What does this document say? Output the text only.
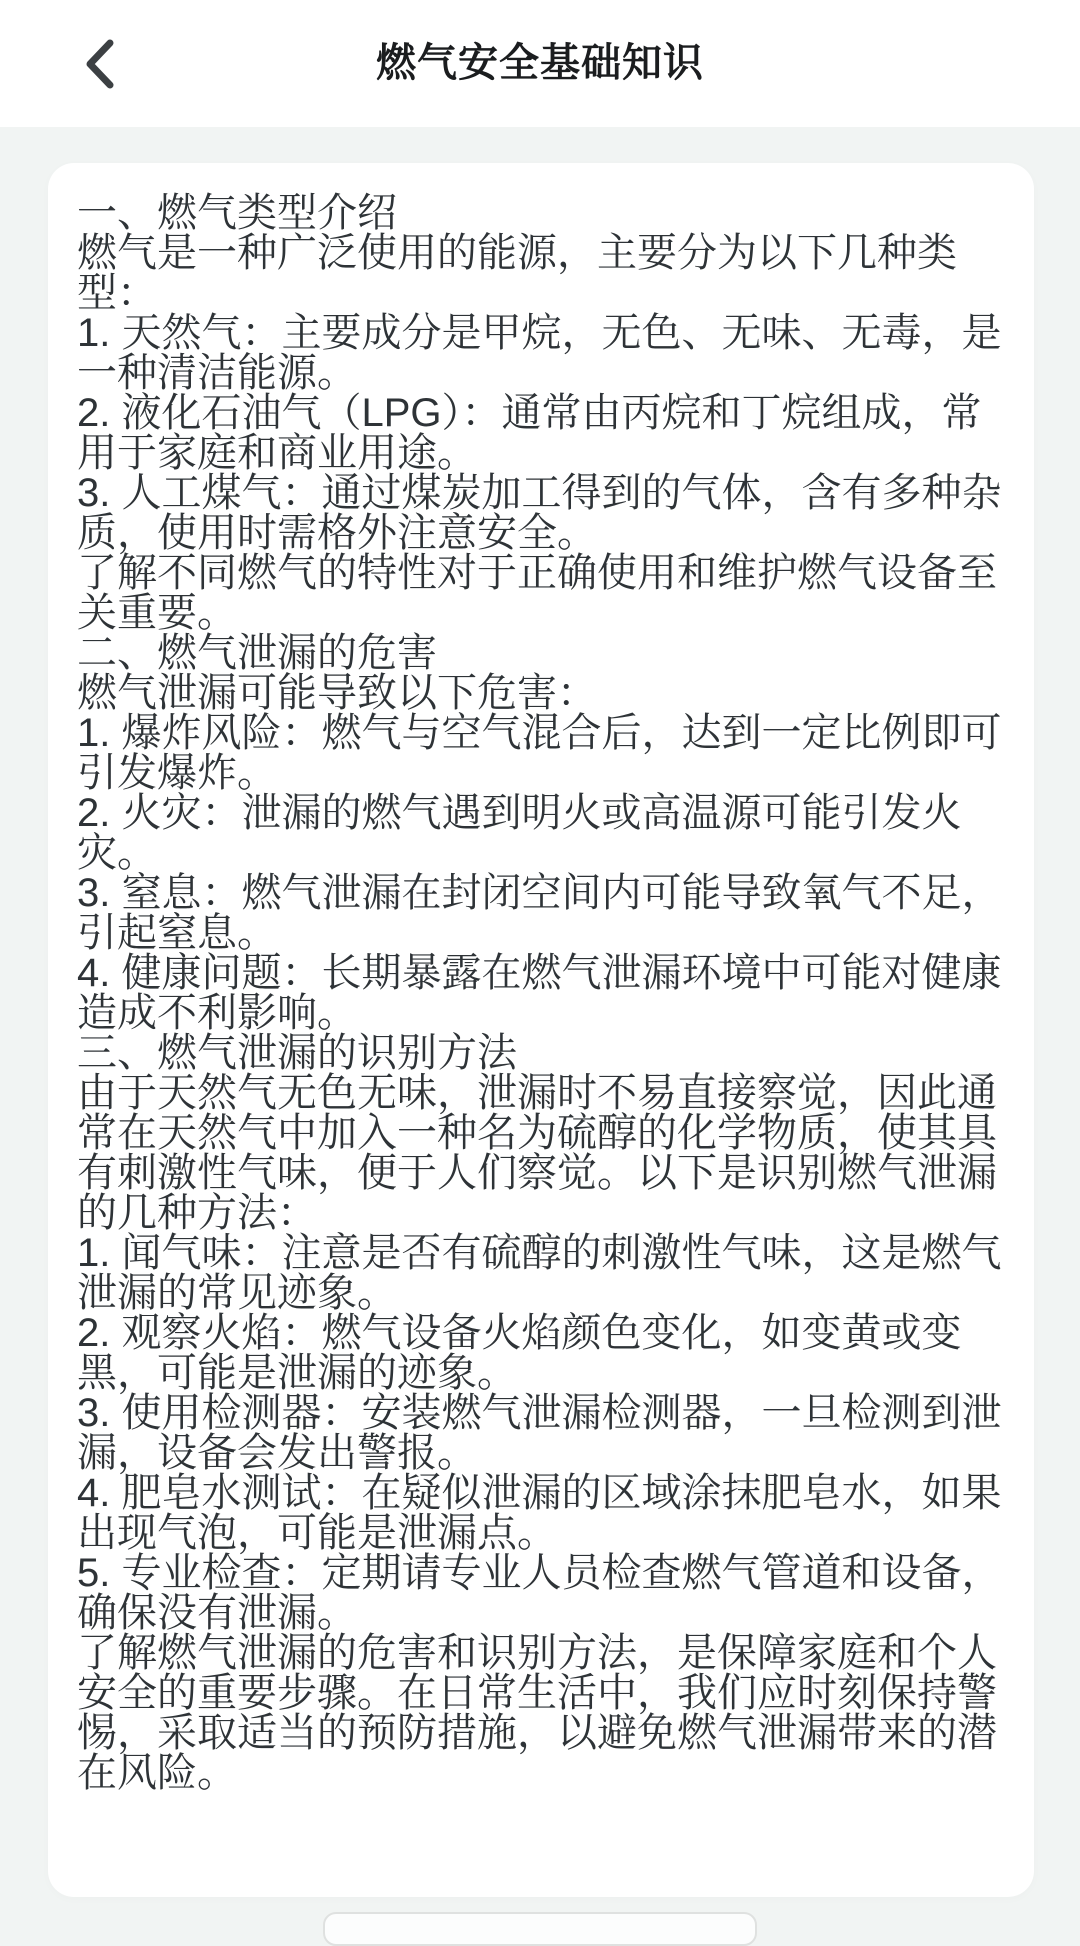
燃气安全基础知识

一、燃气类型介绍

燃气是一种广泛使用的能源，主要分为以下几种类型：

1. 天然气：主要成分是甲烷，无色、无味、无毒，是一种清洁能源。

2. 液化石油气（LPG）：通常由丙烷和丁烷组成，常用于家庭和商业用途。

3. 人工煤气：通过煤炭加工得到的气体，含有多种杂质，使用时需格外注意安全。

了解不同燃气的特性对于正确使用和维护燃气设备至关重要。

二、燃气泄漏的危害

燃气泄漏可能导致以下危害：

1. 爆炸风险：燃气与空气混合后，达到一定比例即可引发爆炸。

2. 火灾：泄漏的燃气遇到明火或高温源可能引发火灾。

3. 窒息：燃气泄漏在封闭空间内可能导致氧气不足，引起窒息。

4. 健康问题：长期暴露在燃气泄漏环境中可能对健康造成不利影响。

三、燃气泄漏的识别方法

由于天然气无色无味，泄漏时不易直接察觉，因此通常在天然气中加入一种名为硫醇的化学物质，使其具有刺激性气味，便于人们察觉。以下是识别燃气泄漏的几种方法：

1. 闻气味：注意是否有硫醇的刺激性气味，这是燃气泄漏的常见迹象。

2. 观察火焰：燃气设备火焰颜色变化，如变黄或变黑，可能是泄漏的迹象。

3. 使用检测器：安装燃气泄漏检测器，一旦检测到泄漏，设备会发出警报。

4. 肥皂水测试：在疑似泄漏的区域涂抹肥皂水，如果出现气泡，可能是泄漏点。

5. 专业检查：定期请专业人员检查燃气管道和设备，确保没有泄漏。

了解燃气泄漏的危害和识别方法，是保障家庭和个人安全的重要步骤。在日常生活中，我们应时刻保持警惕，采取适当的预防措施，以避免燃气泄漏带来的潜在风险。
